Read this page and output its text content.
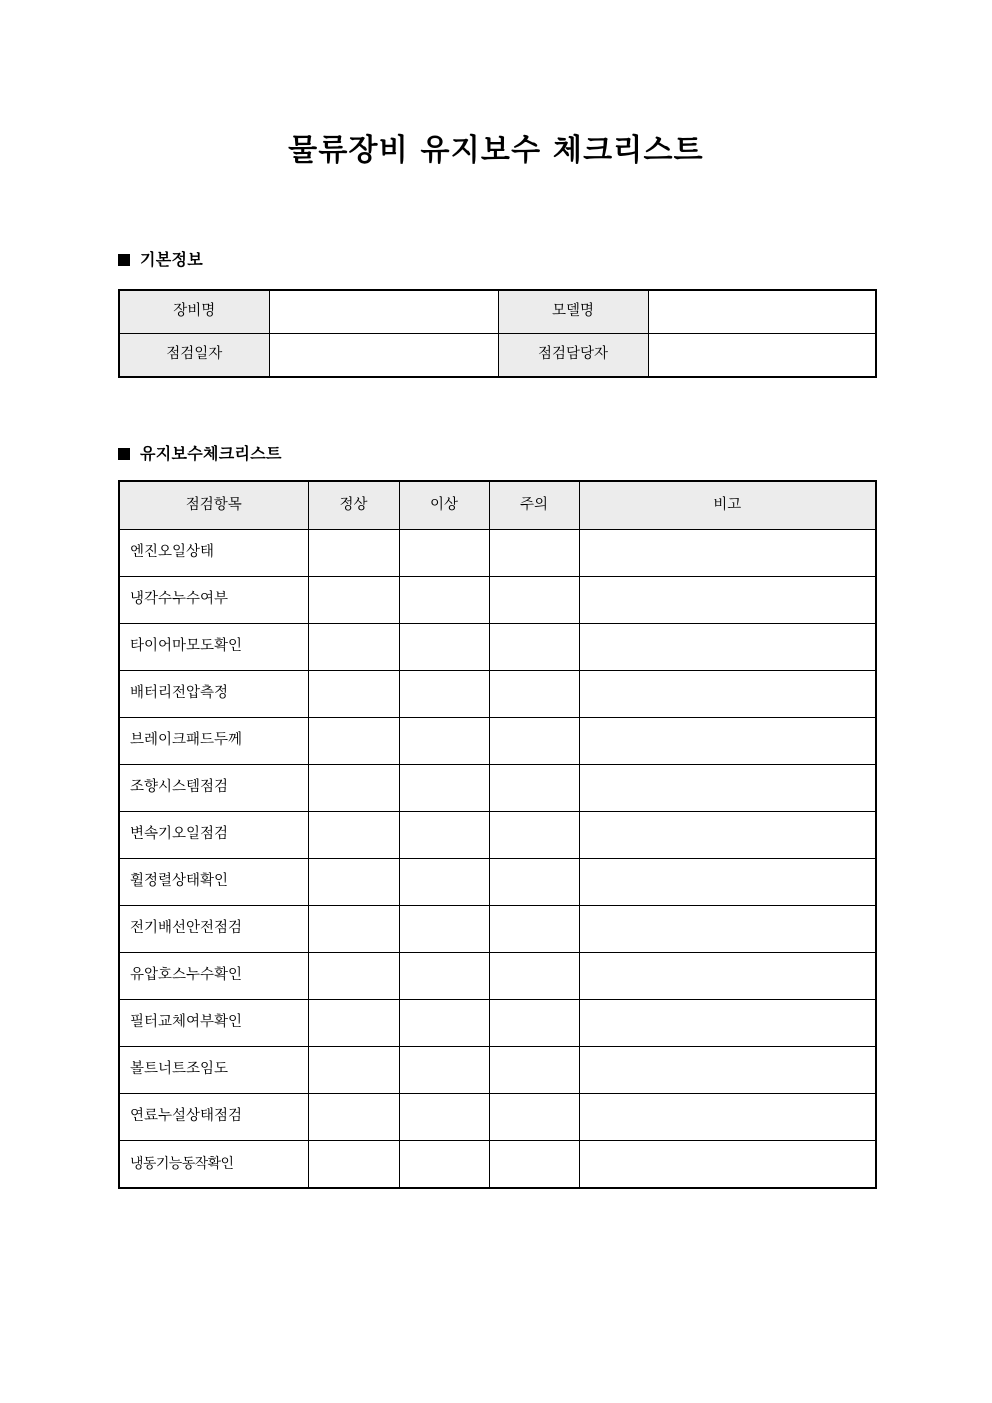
물류장비 유지보수 체크리스트
기본정보
장비명		모델명	
점검일자		점검담당자	
유지보수체크리스트
점검항목	정상	이상	주의	비고
엔진오일상태				
냉각수누수여부				
타이어마모도확인				
배터리전압측정				
브레이크패드두께				
조향시스템점검				
변속기오일점검				
휠정렬상태확인				
전기배선안전점검				
유압호스누수확인				
필터교체여부확인				
볼트너트조임도				
연료누설상태점검				
냉동기능동작확인				
